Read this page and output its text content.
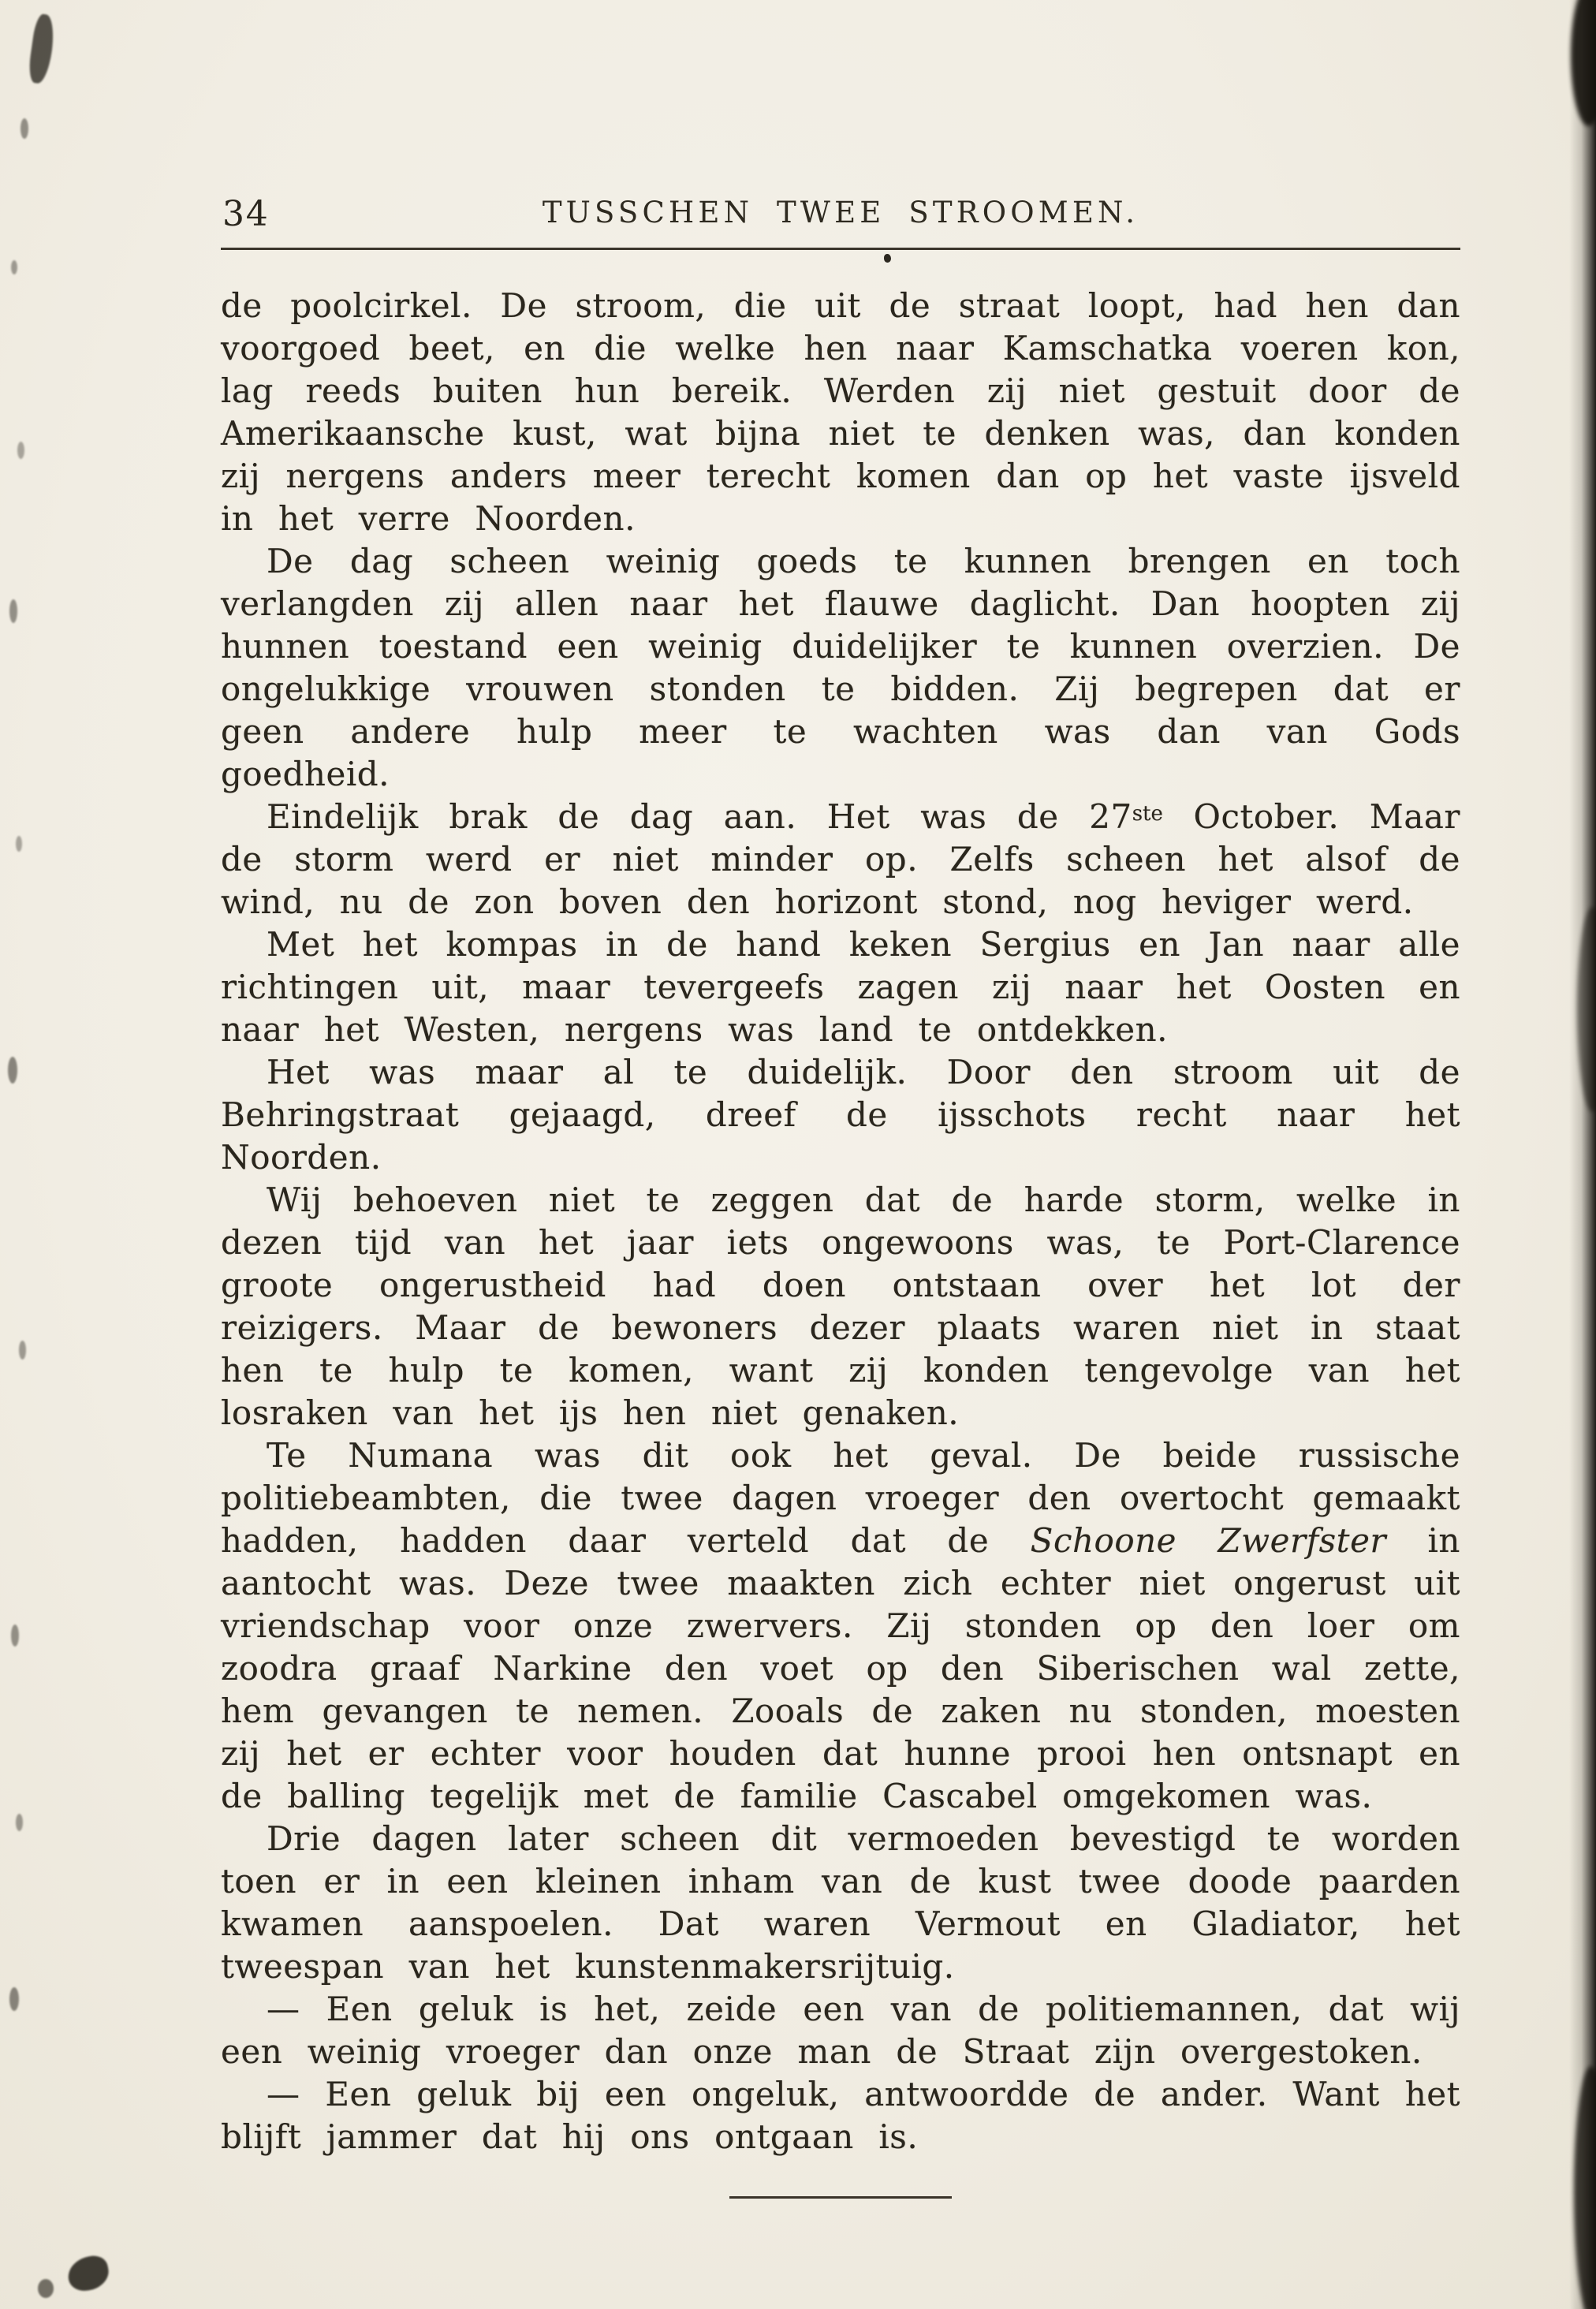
34	TUSSCHEN TWEE STROOMEN.

de poolcirkel. De stroom, die uit de straat loopt, had hen dan voorgoed beet, en die welke hen naar Kamschatka voeren kon, lag reeds buiten hun bereik. Werden zij niet gestuit door de Amerikaansche kust, wat bijna niet te denken was, dan konden zij nergens anders meer terecht komen dan op het vaste ijsveld in het verre Noorden.

De dag scheen weinig goeds te kunnen brengen en toch verlangden zij allen naar het flauwe daglicht. Dan hoopten zij hunnen toestand een weinig duidelijker te kunnen overzien. De ongelukkige vrouwen stonden te bidden. Zij begrepen dat er geen andere hulp meer te wachten was dan van Gods goedheid.

Eindelijk brak de dag aan. Het was de 27ste October. Maar de storm werd er niet minder op. Zelfs scheen het alsof de wind, nu de zon boven den horizont stond, nog heviger werd.

Met het kompas in de hand keken Sergius en Jan naar alle richtingen uit, maar tevergeefs zagen zij naar het Oosten en naar het Westen, nergens was land te ontdekken.

Het was maar al te duidelijk. Door den stroom uit de Behringstraat gejaagd, dreef de ijsschots recht naar het Noorden.

Wij behoeven niet te zeggen dat de harde storm, welke in dezen tijd van het jaar iets ongewoons was, te Port-Clarence groote ongerustheid had doen ontstaan over het lot der reizigers. Maar de bewoners dezer plaats waren niet in staat hen te hulp te komen, want zij konden tengevolge van het losraken van het ijs hen niet genaken.

Te Numana was dit ook het geval. De beide russische politiebeambten, die twee dagen vroeger den overtocht gemaakt hadden, hadden daar verteld dat de Schoone Zwerfster in aantocht was. Deze twee maakten zich echter niet ongerust uit vriendschap voor onze zwervers. Zij stonden op den loer om zoodra graaf Narkine den voet op den Siberischen wal zette, hem gevangen te nemen. Zooals de zaken nu stonden, moesten zij het er echter voor houden dat hunne prooi hen ontsnapt en de balling tegelijk met de familie Cascabel omgekomen was.

Drie dagen later scheen dit vermoeden bevestigd te worden toen er in een kleinen inham van de kust twee doode paarden kwamen aanspoelen. Dat waren Vermout en Gladiator, het tweespan van het kunstenmakersrijtuig.

— Een geluk is het, zeide een van de politiemannen, dat wij een weinig vroeger dan onze man de Straat zijn overgestoken.

— Een geluk bij een ongeluk, antwoordde de ander. Want het blijft jammer dat hij ons ontgaan is.
